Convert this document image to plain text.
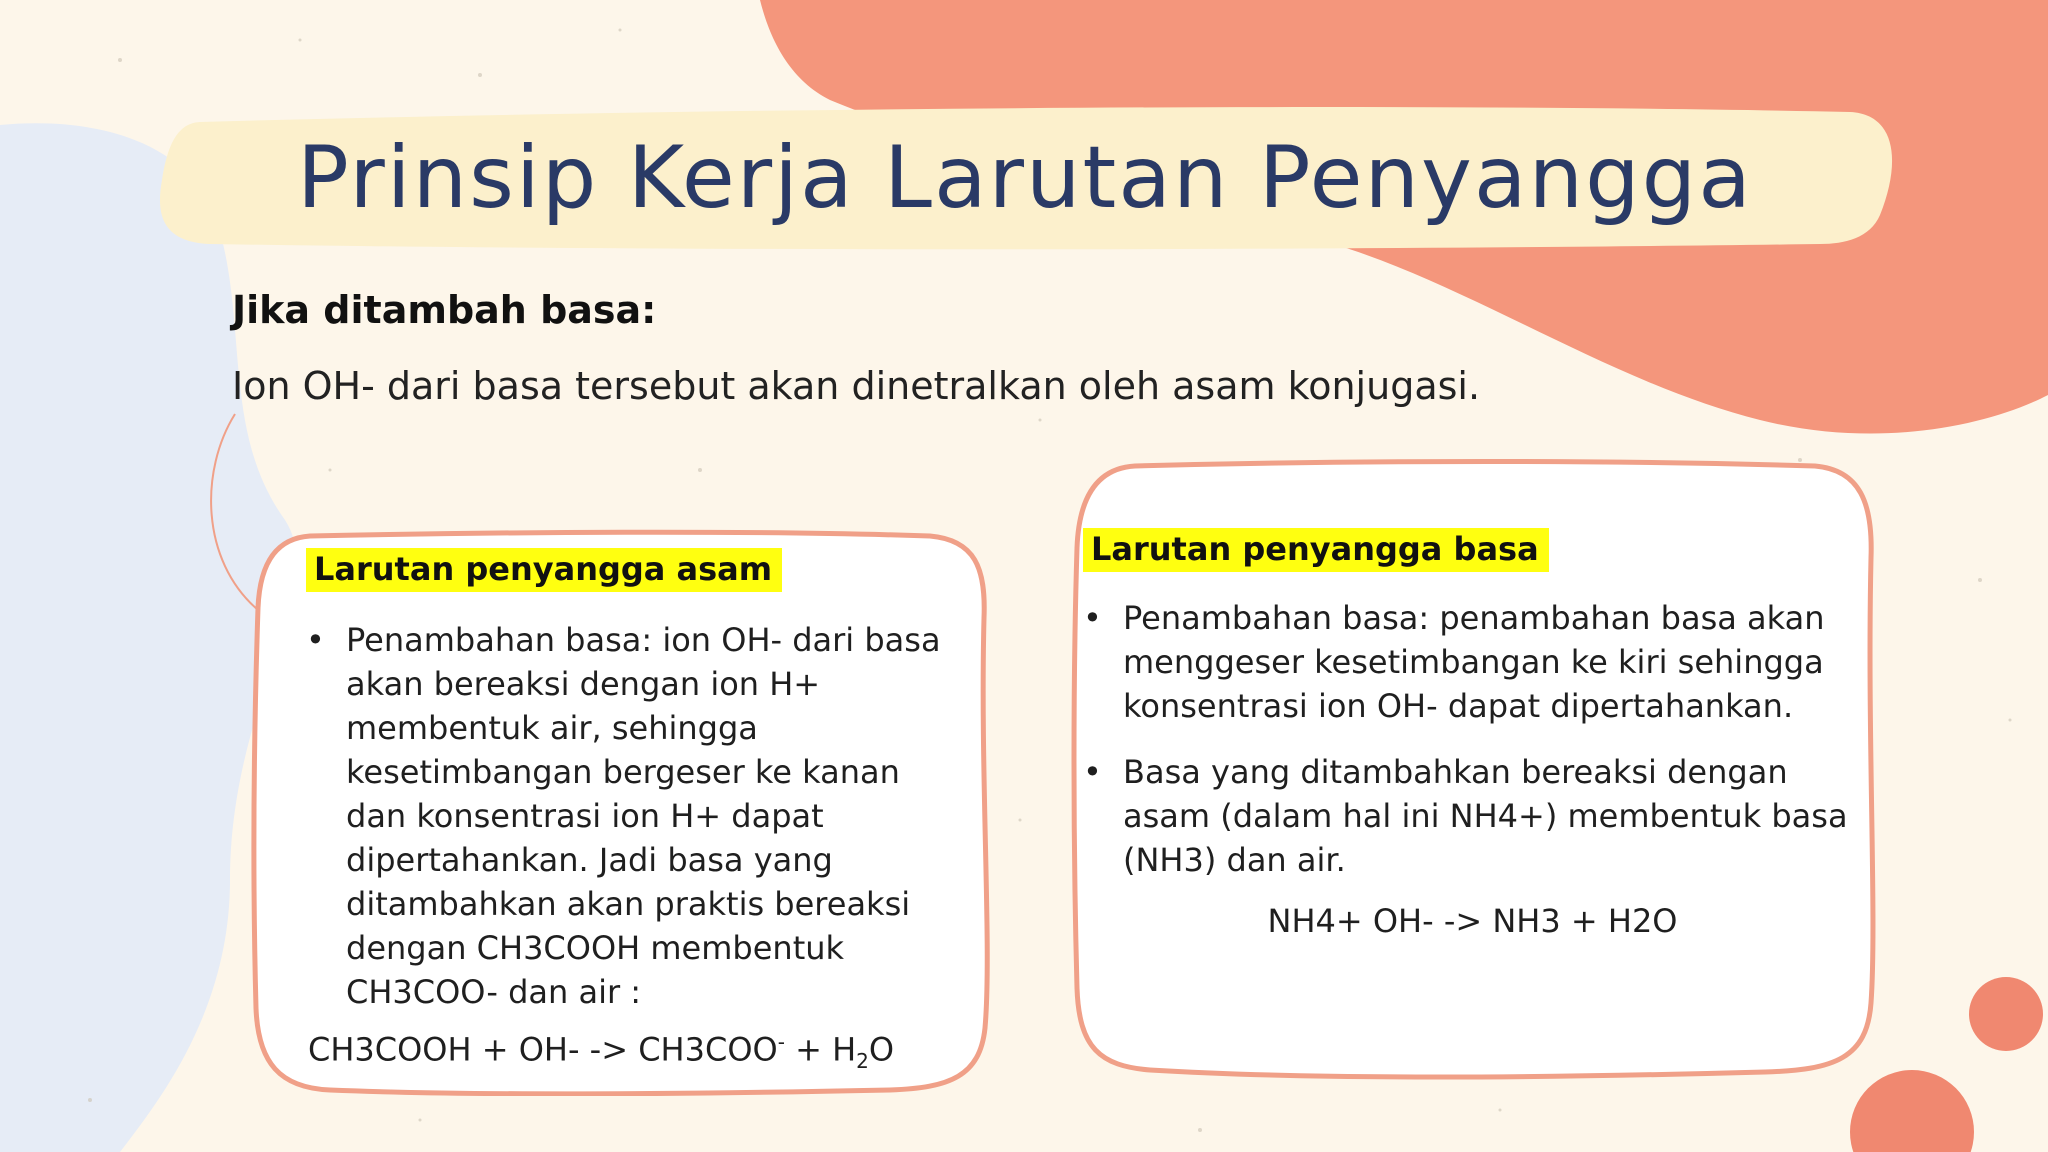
Prinsip Kerja Larutan Penyangga
Jika ditambah basa:
Ion OH- dari basa tersebut akan dinetralkan oleh asam konjugasi.
Larutan penyangga asam
• Penambahan basa: ion OH- dari basa akan bereaksi dengan ion H+ membentuk air, sehingga kesetimbangan bergeser ke kanan dan konsentrasi ion H+ dapat dipertahankan. Jadi basa yang ditambahkan akan praktis bereaksi dengan CH3COOH membentuk CH3COO- dan air :
CH3COOH + $OH- -> CH3COO^- + H_2O$
Larutan penyangga basa
• Penambahan basa: penambahan basa akan menggeser kesetimbangan ke kiri sehingga konsentrasi ion OH- dapat dipertahankan.
• Basa yang ditambahkan bereaksi dengan asam (dalam hal ini NH4+) membentuk basa (NH3) dan air.
NH4+ OH- -> NH3 + H2O
